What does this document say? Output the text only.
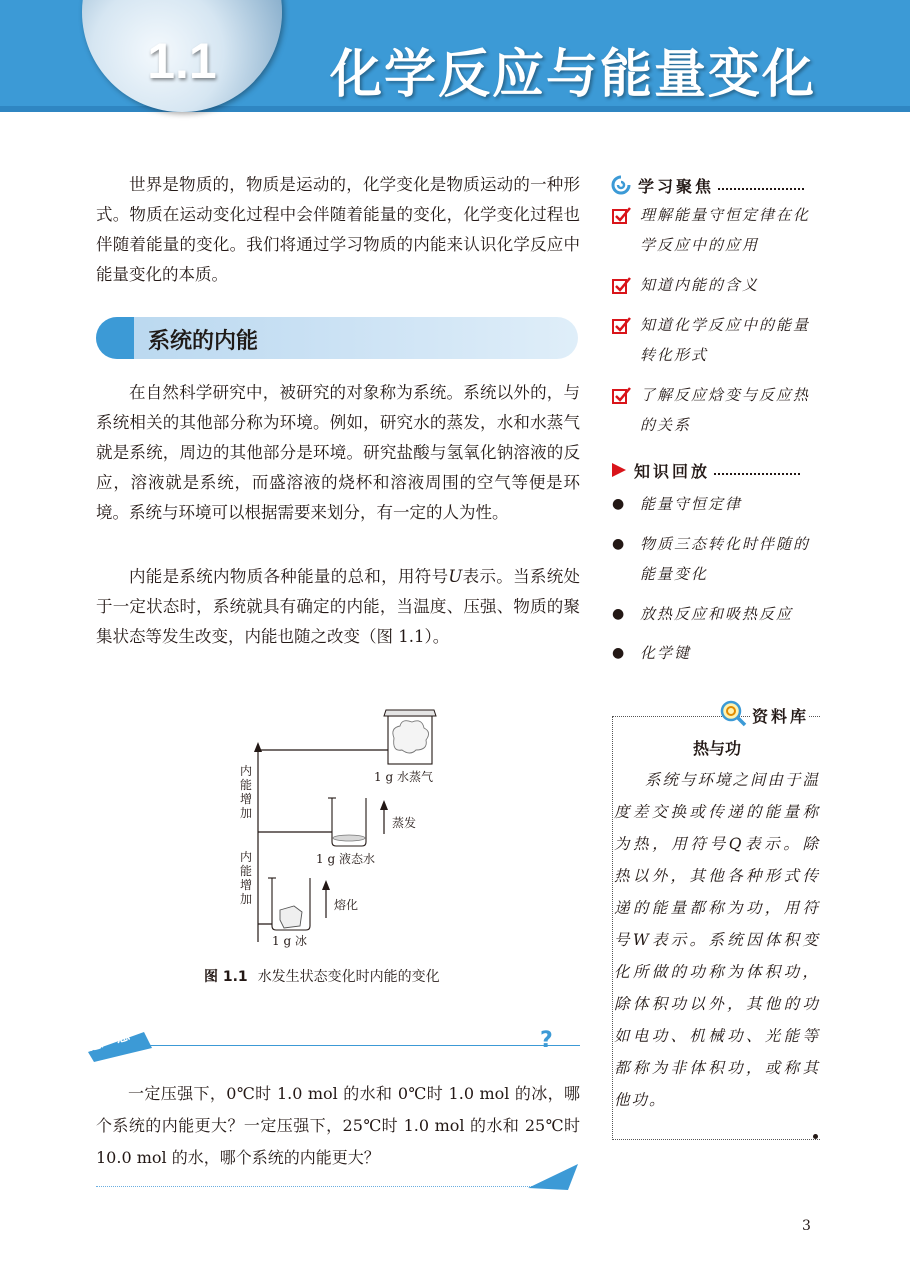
1.1	化学反应与能量变化

世界是物质的，物质是运动的，化学变化是物质运动的一种形式。物质在运动变化过程中会伴随着能量的变化，化学变化过程也伴随着能量的变化。我们将通过学习物质的内能来认识化学反应中能量变化的本质。

系统的内能

在自然科学研究中，被研究的对象称为系统。系统以外的，与系统相关的其他部分称为环境。例如，研究水的蒸发，水和水蒸气就是系统，周边的其他部分是环境。研究盐酸与氢氧化钠溶液的反应，溶液就是系统，而盛溶液的烧杯和溶液周围的空气等便是环境。系统与环境可以根据需要来划分，有一定的人为性。

内能是系统内物质各种能量的总和，用符号U表示。当系统处于一定状态时，系统就具有确定的内能，当温度、压强、物质的聚集状态等发生改变，内能也随之改变（图 1.1）。

1 g 水蒸气
1 g 液态水
1 g 冰
蒸发
熔化
内能增加
内能增加
图 1.1 水发生状态变化时内能的变化
想一想	?

一定压强下，0℃时 1.0 mol 的水和 0℃时 1.0 mol 的冰，哪个系统的内能更大？一定压强下，25℃时 1.0 mol 的水和 25℃时 10.0 mol 的水，哪个系统的内能更大？

学习聚焦
理解能量守恒定律在化学反应中的应用
知道内能的含义
知道化学反应中的能量转化形式
了解反应焓变与反应热的关系
知识回放
●	能量守恒定律
●	物质三态转化时伴随的能量变化
●	放热反应和吸热反应
●	化学键
资料库
热与功

系统与环境之间由于温度差交换或传递的能量称为热，用符号Q表示。除热以外，其他各种形式传递的能量都称为功，用符号W表示。系统因体积变化所做的功称为体积功，除体积功以外，其他的功如电功、机械功、光能等都称为非体积功，或称其他功。

3
